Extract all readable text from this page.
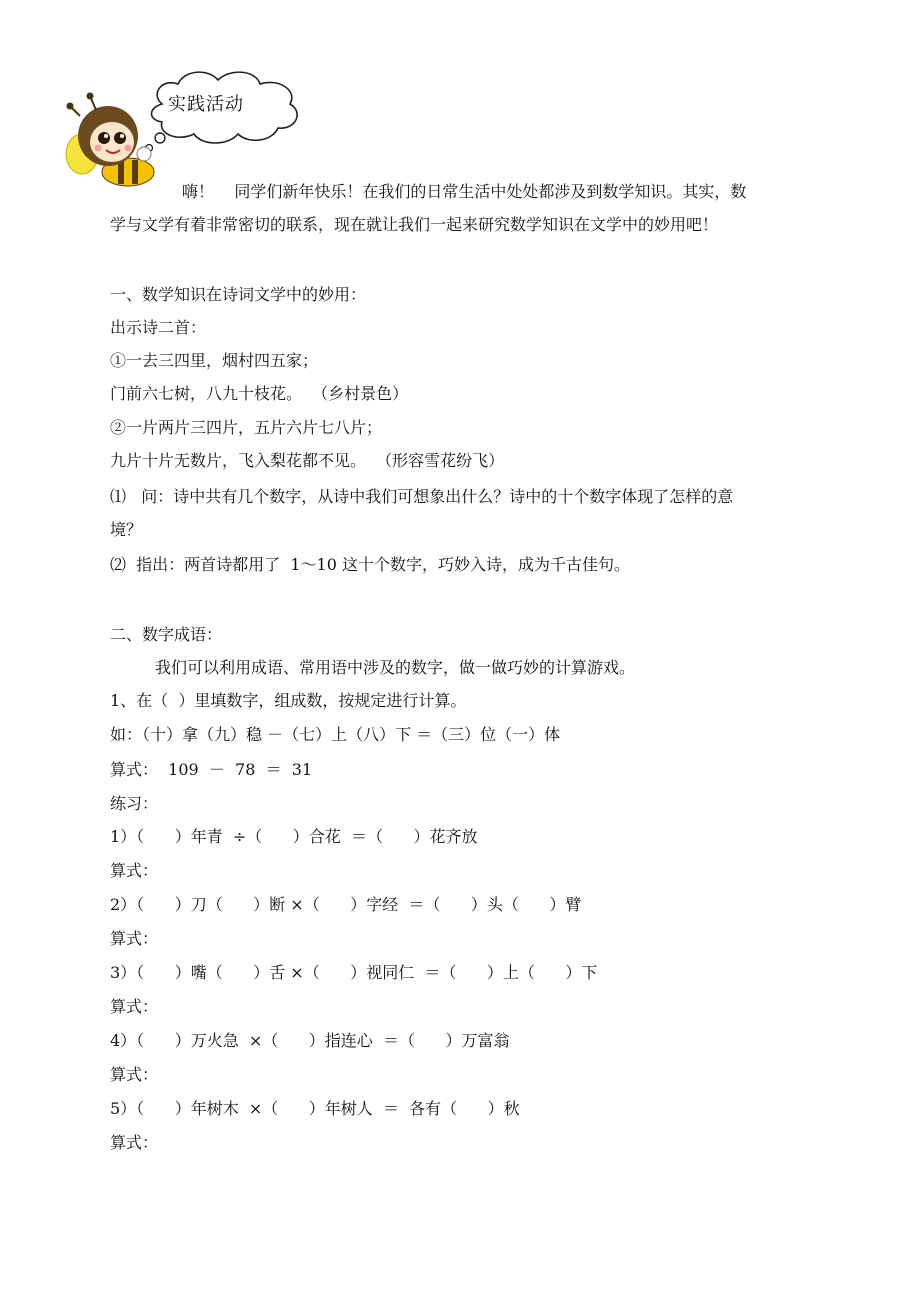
实践活动
嗨！    同学们新年快乐！在我们的日常生活中处处都涉及到数学知识。其实，数
学与文学有着非常密切的联系，现在就让我们一起来研究数学知识在文学中的妙用吧！
一、数学知识在诗词文学中的妙用：
出示诗二首：
①一去三四里，烟村四五家；
门前六七树，八九十枝花。  （乡村景色）
②一片两片三四片，五片六片七八片；
九片十片无数片，飞入梨花都不见。  （形容雪花纷飞）
⑴   问：诗中共有几个数字，从诗中我们可想象出什么？诗中的十个数字体现了怎样的意
境？
⑵  指出：两首诗都用了  1～10 这十个数字，巧妙入诗，成为千古佳句。
二、数字成语：
我们可以利用成语、常用语中涉及的数字，做一做巧妙的计算游戏。
1、在（  ）里填数字，组成数，按规定进行计算。
如：（十）拿（九）稳 －（七）上（八）下 ＝（三）位（一）体
算式：  109  －  78  ＝  31
练习：
1）（      ）年青  ÷（      ）合花  ＝（      ）花齐放
算式：
2）（      ）刀（      ）断 ×（      ）字经  ＝（      ）头（      ）臂
算式：
3）（      ）嘴（      ）舌 ×（      ）视同仁  ＝（      ）上（      ）下
算式：
4）（      ）万火急  ×（      ）指连心  ＝（      ）万富翁
算式：
5）（      ）年树木  ×（      ）年树人  ＝  各有（      ）秋
算式：
